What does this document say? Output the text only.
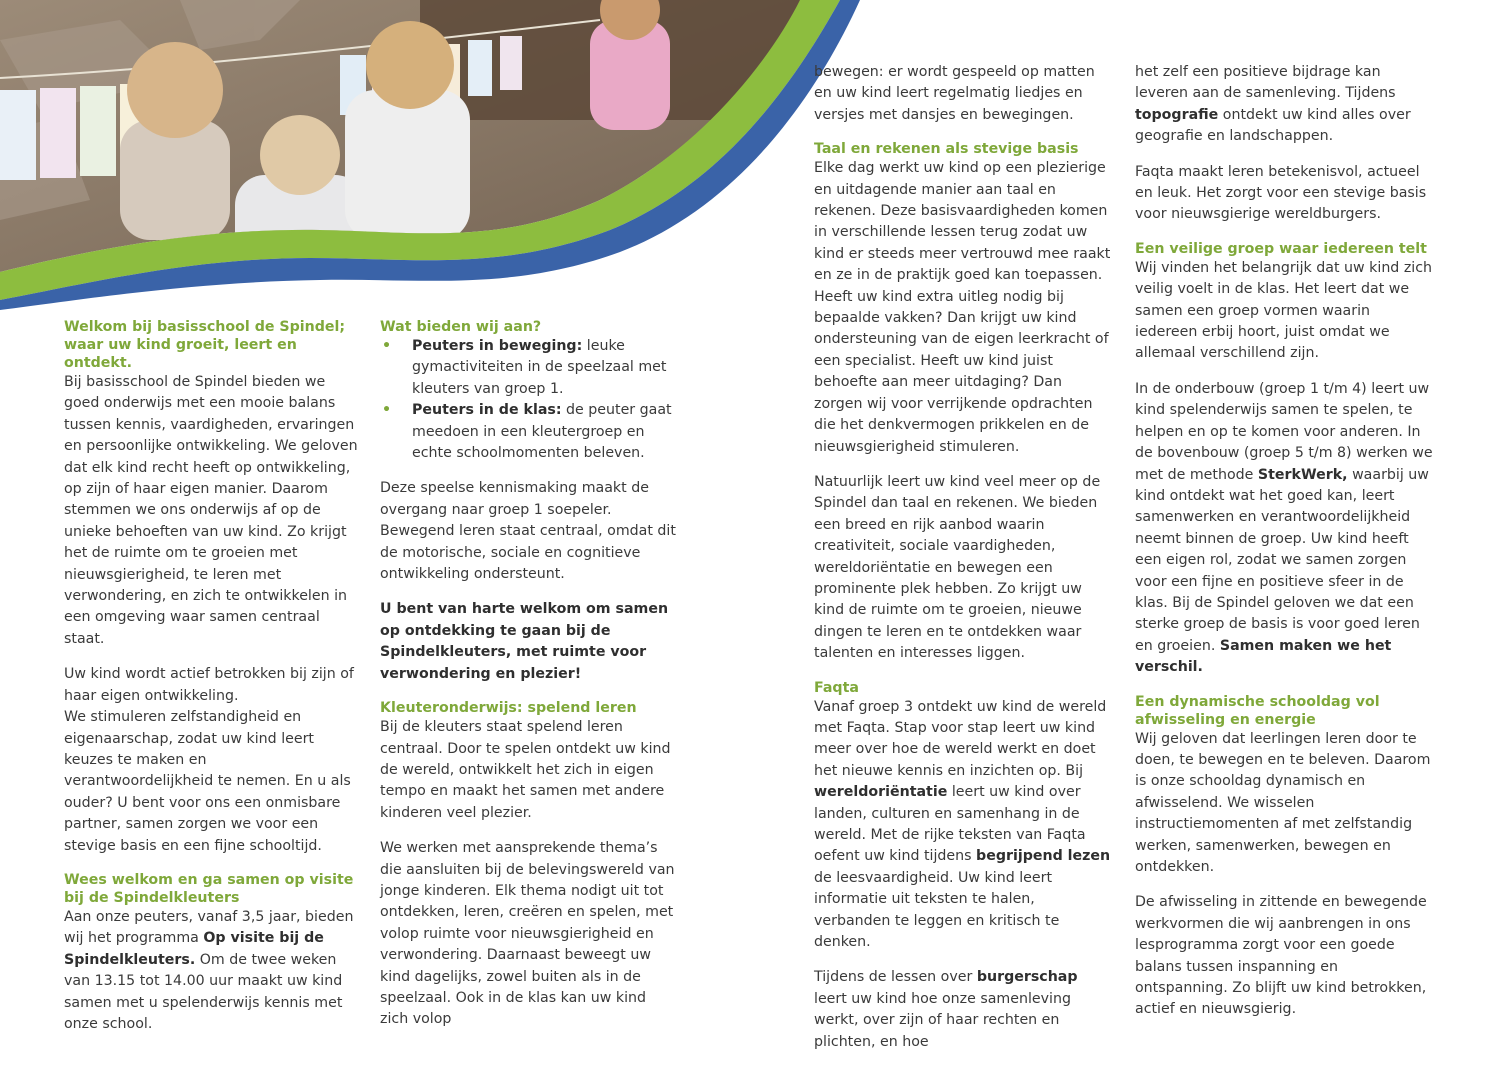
Welkom bij basisschool de Spindel; waar uw kind groeit, leert en ontdekt.

Bij basisschool de Spindel bieden we goed onderwijs met een mooie balans tussen kennis, vaardigheden, ervaringen en persoonlijke ontwikkeling. We geloven dat elk kind recht heeft op ontwikkeling, op zijn of haar eigen manier. Daarom stemmen we ons onderwijs af op de unieke behoeften van uw kind. Zo krijgt het de ruimte om te groeien met nieuwsgierigheid, te leren met verwondering, en zich te ontwikkelen in een omgeving waar samen centraal staat.

Uw kind wordt actief betrokken bij zijn of haar eigen ontwikkeling.

We stimuleren zelfstandigheid en eigenaarschap, zodat uw kind leert keuzes te maken en verantwoordelijkheid te nemen. En u als ouder? U bent voor ons een onmisbare partner, samen zorgen we voor een stevige basis en een fijne schooltijd.

Wees welkom en ga samen op visite bij de Spindelkleuters

Aan onze peuters, vanaf 3,5 jaar, bieden wij het programma Op visite bij de Spindelkleuters. Om de twee weken van 13.15 tot 14.00 uur maakt uw kind samen met u spelenderwijs kennis met onze school.

Wat bieden wij aan?
• Peuters in beweging: leuke gymactiviteiten in de speelzaal met kleuters van groep 1.
• Peuters in de klas: de peuter gaat meedoen in een kleutergroep en echte schoolmomenten beleven.

Deze speelse kennismaking maakt de overgang naar groep 1 soepeler. Bewegend leren staat centraal, omdat dit de motorische, sociale en cognitieve ontwikkeling ondersteunt.

U bent van harte welkom om samen op ontdekking te gaan bij de Spindelkleuters, met ruimte voor verwondering en plezier!

Kleuteronderwijs: spelend leren

Bij de kleuters staat spelend leren centraal. Door te spelen ontdekt uw kind de wereld, ontwikkelt het zich in eigen tempo en maakt het samen met andere kinderen veel plezier.

We werken met aansprekende thema’s die aansluiten bij de belevingswereld van jonge kinderen. Elk thema nodigt uit tot ontdekken, leren, creëren en spelen, met volop ruimte voor nieuwsgierigheid en verwondering. Daarnaast beweegt uw kind dagelijks, zowel buiten als in de speelzaal. Ook in de klas kan uw kind zich volop

bewegen: er wordt gespeeld op matten en uw kind leert regelmatig liedjes en versjes met dansjes en bewegingen.

Taal en rekenen als stevige basis

Elke dag werkt uw kind op een plezierige en uitdagende manier aan taal en rekenen. Deze basisvaardigheden komen in verschillende lessen terug zodat uw kind er steeds meer vertrouwd mee raakt en ze in de praktijk goed kan toepassen. Heeft uw kind extra uitleg nodig bij bepaalde vakken? Dan krijgt uw kind ondersteuning van de eigen leerkracht of een specialist. Heeft uw kind juist behoefte aan meer uitdaging? Dan zorgen wij voor verrijkende opdrachten die het denkvermogen prikkelen en de nieuwsgierigheid stimuleren.

Natuurlijk leert uw kind veel meer op de Spindel dan taal en rekenen. We bieden een breed en rijk aanbod waarin creativiteit, sociale vaardigheden, wereldoriëntatie en bewegen een prominente plek hebben. Zo krijgt uw kind de ruimte om te groeien, nieuwe dingen te leren en te ontdekken waar talenten en interesses liggen.

Faqta

Vanaf groep 3 ontdekt uw kind de wereld met Faqta. Stap voor stap leert uw kind meer over hoe de wereld werkt en doet het nieuwe kennis en inzichten op. Bij wereldoriëntatie leert uw kind over landen, culturen en samenhang in de wereld. Met de rijke teksten van Faqta oefent uw kind tijdens begrijpend lezen de leesvaardigheid. Uw kind leert informatie uit teksten te halen, verbanden te leggen en kritisch te denken.

Tijdens de lessen over burgerschap leert uw kind hoe onze samenleving werkt, over zijn of haar rechten en plichten, en hoe

het zelf een positieve bijdrage kan leveren aan de samenleving. Tijdens topografie ontdekt uw kind alles over geografie en landschappen.

Faqta maakt leren betekenisvol, actueel en leuk. Het zorgt voor een stevige basis voor nieuwsgierige wereldburgers.

Een veilige groep waar iedereen telt

Wij vinden het belangrijk dat uw kind zich veilig voelt in de klas. Het leert dat we samen een groep vormen waarin iedereen erbij hoort, juist omdat we allemaal verschillend zijn.

In de onderbouw (groep 1 t/m 4) leert uw kind spelenderwijs samen te spelen, te helpen en op te komen voor anderen. In de bovenbouw (groep 5 t/m 8) werken we met de methode SterkWerk, waarbij uw kind ontdekt wat het goed kan, leert samenwerken en verantwoordelijkheid neemt binnen de groep. Uw kind heeft een eigen rol, zodat we samen zorgen voor een fijne en positieve sfeer in de klas. Bij de Spindel geloven we dat een sterke groep de basis is voor goed leren en groeien. Samen maken we het verschil.

Een dynamische schooldag vol afwisseling en energie

Wij geloven dat leerlingen leren door te doen, te bewegen en te beleven. Daarom is onze schooldag dynamisch en afwisselend. We wisselen instructiemomenten af met zelfstandig werken, samenwerken, bewegen en ontdekken.

De afwisseling in zittende en bewegende werkvormen die wij aanbrengen in ons lesprogramma zorgt voor een goede balans tussen inspanning en ontspanning. Zo blijft uw kind betrokken, actief en nieuwsgierig.
